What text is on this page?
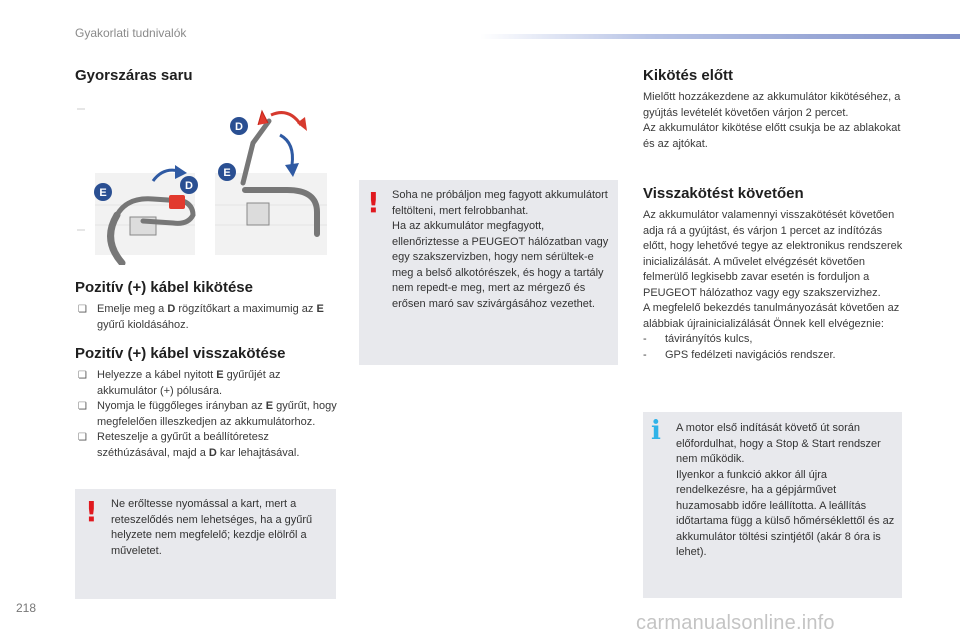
Gyakorlati tudnivalók
Gyorszáras saru
E
D
D
E
Pozitív (+) kábel kikötése
❏ Emelje meg a D rögzítőkart a maximumig az E gyűrű kioldásához.
Pozitív (+) kábel visszakötése
❏ Helyezze a kábel nyitott E gyűrűjét az akkumulátor (+) pólusára.
❏ Nyomja le függőleges irányban az E gyűrűt, hogy megfelelően illeszkedjen az akkumulátorhoz.
❏ Reteszelje a gyűrűt a beállítóretesz széthúzásával, majd a D kar lehajtásával.
! Ne erőltesse nyomással a kart, mert a reteszelődés nem lehetséges, ha a gyűrű helyzete nem megfelelő; kezdje elölről a műveletet.
! Soha ne próbáljon meg fagyott akkumulátort feltölteni, mert felrobbanhat.
Ha az akkumulátor megfagyott, ellenőriztesse a PEUGEOT hálózatban vagy egy szakszervizben, hogy nem sérültek-e meg a belső alkotórészek, és hogy a tartály nem repedt-e meg, mert az mérgező és erősen maró sav szivárgásához vezethet.
Kikötés előtt

Mielőtt hozzákezdene az akkumulátor kikötéséhez, a gyújtás levételét követően várjon 2 percet.

Az akkumulátor kikötése előtt csukja be az ablakokat és az ajtókat.

Visszakötést követően

Az akkumulátor valamennyi visszakötését követően adja rá a gyújtást, és várjon 1 percet az indítózás előtt, hogy lehetővé tegye az elektronikus rendszerek inicializálását. A művelet elvégzését követően felmerülő legkisebb zavar esetén is forduljon a PEUGEOT hálózathoz vagy egy szakszervizhez.

A megfelelő bekezdés tanulmányozását követően az alábbiak újrainicializálását Önnek kell elvégeznie:

- távirányítós kulcs,
- GPS fedélzeti navigációs rendszer.
i A motor első indítását követő út során előfordulhat, hogy a Stop & Start rendszer nem működik.
Ilyenkor a funkció akkor áll újra rendelkezésre, ha a gépjárművet huzamosabb időre leállította. A leállítás időtartama függ a külső hőmérséklettől és az akkumulátor töltési szintjétől (akár 8 óra is lehet).
218
carmanualsonline.info
